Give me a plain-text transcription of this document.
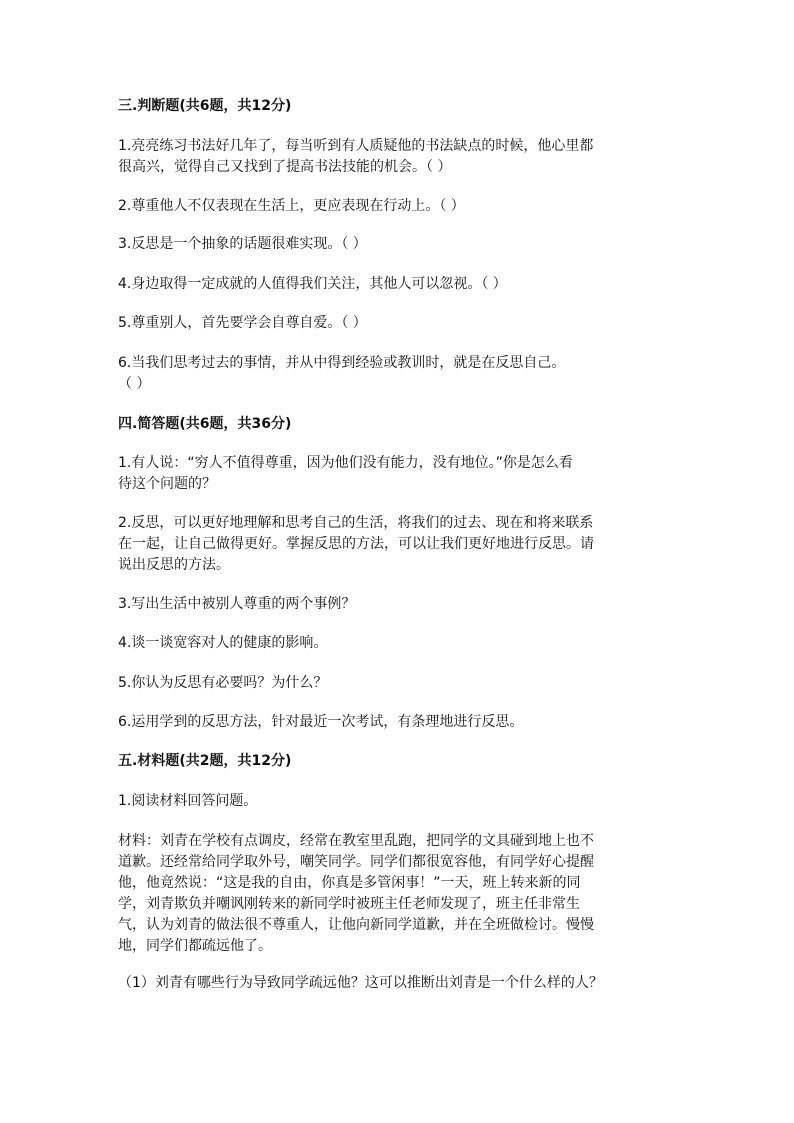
三.判断题(共6题，共12分)
1.亮亮练习书法好几年了，每当听到有人质疑他的书法缺点的时候，他心里都
很高兴，觉得自己又找到了提高书法技能的机会。（ ）
2.尊重他人不仅表现在生活上，更应表现在行动上。（ ）
3.反思是一个抽象的话题很难实现。（ ）
4.身边取得一定成就的人值得我们关注，其他人可以忽视。（ ）
5.尊重别人，首先要学会自尊自爱。（ ）
6.当我们思考过去的事情，并从中得到经验或教训时，就是在反思自己。
（ ）
四.简答题(共6题，共36分)
1.有人说：“穷人不值得尊重，因为他们没有能力，没有地位。”你是怎么看
待这个问题的？
2.反思，可以更好地理解和思考自己的生活，将我们的过去、现在和将来联系
在一起，让自己做得更好。掌握反思的方法，可以让我们更好地进行反思。请
说出反思的方法。
3.写出生活中被别人尊重的两个事例？
4.谈一谈宽容对人的健康的影响。
5.你认为反思有必要吗？为什么？
6.运用学到的反思方法，针对最近一次考试，有条理地进行反思。
五.材料题(共2题，共12分)
1.阅读材料回答问题。
材料：刘青在学校有点调皮，经常在教室里乱跑，把同学的文具碰到地上也不
道歉。还经常给同学取外号，嘲笑同学。同学们都很宽容他，有同学好心提醒
他，他竟然说：“这是我的自由，你真是多管闲事！”一天，班上转来新的同
学，刘青欺负并嘲讽刚转来的新同学时被班主任老师发现了，班主任非常生
气，认为刘青的做法很不尊重人，让他向新同学道歉，并在全班做检讨。慢慢
地，同学们都疏远他了。
（1）刘青有哪些行为导致同学疏远他？这可以推断出刘青是一个什么样的人？
